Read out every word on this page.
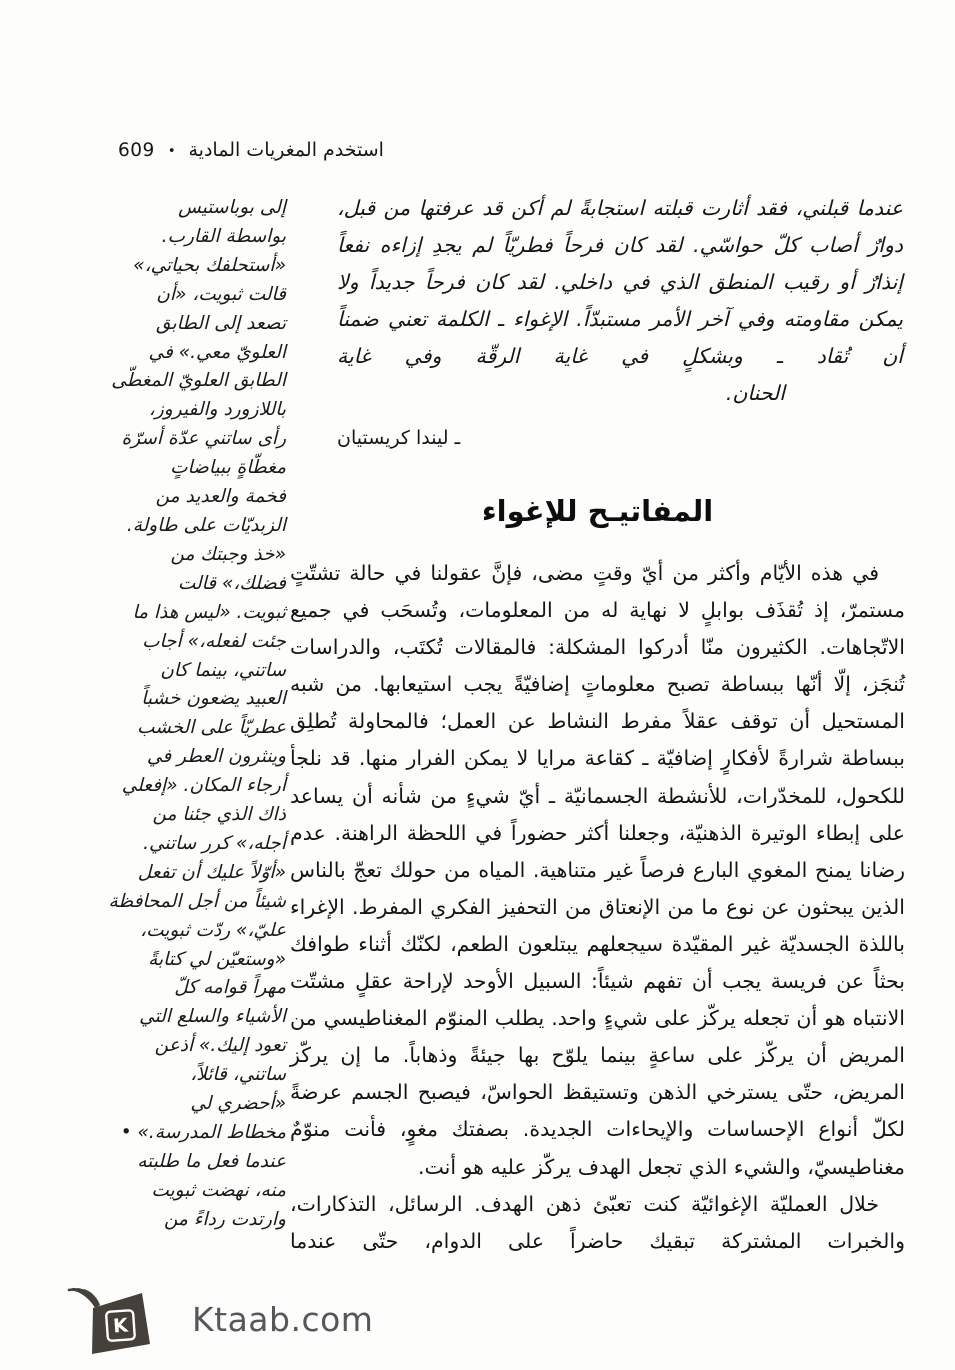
استخدم المغريات المادية
•
609
إلى بوباستيس
بواسطة القارب.
«أستحلفك بحياتي،»
قالت ثبويت، «أن
تصعد إلى الطابق
العلويّ معي.» في
الطابق العلويّ المغطّى
باللازورد والفيروز،
رأى ساتني عدّة أسرّة
مغطّاةٍ ببياضاتٍ
فخمة والعديد من
الزبديّات على طاولة.
«خذ وجبتك من
فضلك،» قالت
ثبويت. «ليس هذا ما
جئت لفعله،» أجاب
ساتني، بينما كان
العبيد يضعون خشباً
عطريّاً على الخشب
وينثرون العطر في
أرجاء المكان. «إفعلي
ذاك الذي جئنا من
أجله،» كرر ساتني.
«أوّلاً عليك أن تفعل
شيئاً من أجل المحافظة
عليّ،» ردّت ثبويت،
«وستعيّن لي كتابةً
مهراً قوامه كلّ
الأشياء والسلع التي
تعود إليك.» أذعن
ساتني، قائلاً،
«أحضري لي
مخطاط المدرسة.» •
عندما فعل ما طلبته
منه، نهضت ثبويت
وارتدت رداءً من

عندما قبلني، فقد أثارت قبلته استجابةً لم أكن قد عرفتها من قبل، دوارٌ أصاب كلّ حواسّي. لقد كان فرحاً فطريّاً لم يجدِ إزاءه نفعاً إنذارٌ أو رقيب المنطق الذي في داخلي. لقد كان فرحاً جديداً ولا يمكن مقاومته وفي آخر الأمر مستبدّاً. الإغواء ـ الكلمة تعني ضمناً أن تُقاد ـ وبشكلٍ في غاية الرقّة وفي غاية

الحنان.
ـ ليندا كريستيان
المفاتيـح للإغواء

في هذه الأيّام وأكثر من أيّ وقتٍ مضى، فإنَّ عقولنا في حالة تشتّتٍ مستمرّ، إذ تُقذَف بوابلٍ لا نهاية له من المعلومات، وتُسحَب في جميع الاتّجاهات. الكثيرون منّا أدركوا المشكلة: فالمقالات تُكتَب، والدراسات تُنجَز، إلّا أنّها ببساطة تصبح معلوماتٍ إضافيّةً يجب استيعابها. من شبه المستحيل أن توقف عقلاً مفرط النشاط عن العمل؛ فالمحاولة تُطلِق ببساطة شرارةً لأفكارٍ إضافيّة ـ كقاعة مرايا لا يمكن الفرار منها. قد نلجأ للكحول، للمخدّرات، للأنشطة الجسمانيّة ـ أيّ شيءٍ من شأنه أن يساعد على إبطاء الوتيرة الذهنيّة، وجعلنا أكثر حضوراً في اللحظة الراهنة. عدم رضانا يمنح المغوي البارع فرصاً غير متناهية. المياه من حولك تعجّ بالناس الذين يبحثون عن نوع ما من الإنعتاق من التحفيز الفكري المفرط. الإغراء باللذة الجسديّة غير المقيّدة سيجعلهم يبتلعون الطعم، لكنّك أثناء طوافك بحثاً عن فريسة يجب أن تفهم شيئاً: السبيل الأوحد لإراحة عقلٍ مشتّت الانتباه هو أن تجعله يركّز على شيءٍ واحد. يطلب المنوّم المغناطيسي من المريض أن يركّز على ساعةٍ بينما يلوّح بها جيئةً وذهاباً. ما إن يركّز المريض، حتّى يسترخي الذهن وتستيقظ الحواسّ، فيصبح الجسم عرضةً لكلّ أنواع الإحساسات والإيحاءات الجديدة. بصفتك مغوٍ، فأنت منوّمٌ مغناطيسيّ، والشيء الذي تجعل الهدف يركّز عليه هو أنت.

خلال العمليّة الإغوائيّة كنت تعبّئ ذهن الهدف. الرسائل، التذكارات، والخبرات المشتركة تبقيك حاضراً على الدوام، حتّى عندما

K Ktaab.com
